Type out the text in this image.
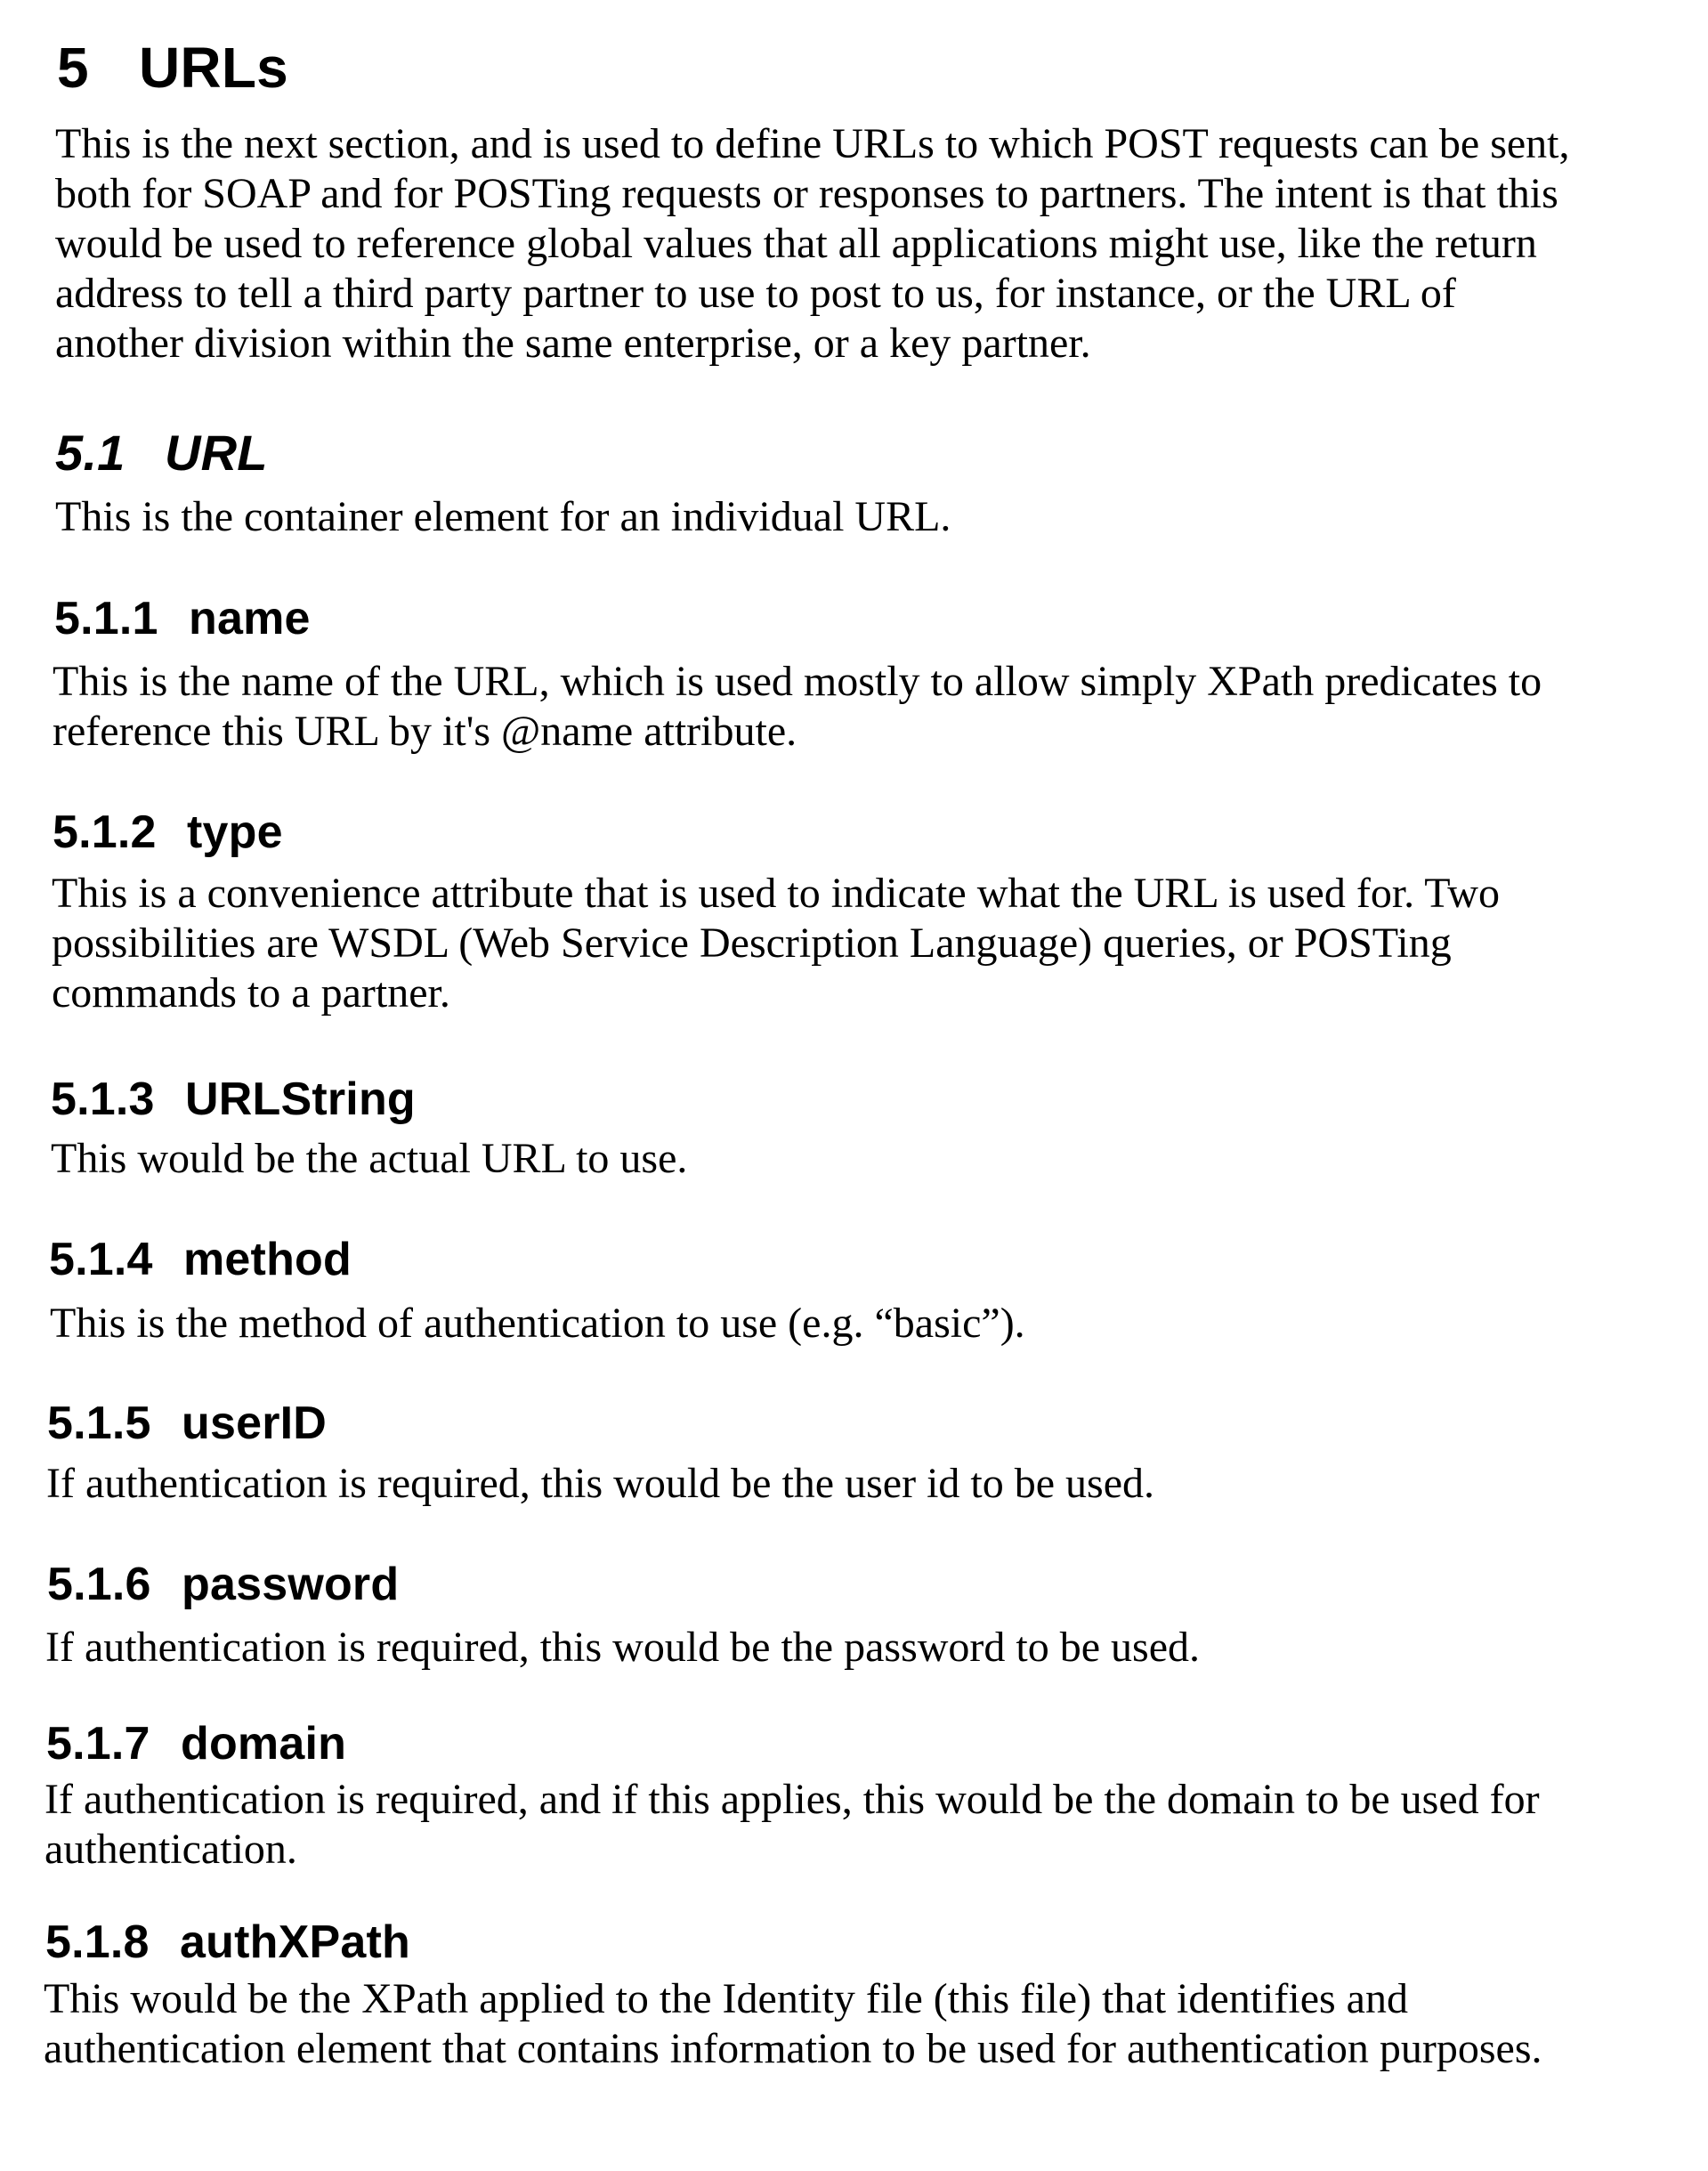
5 URLs
This is the next section, and is used to define URLs to which POST requests can be sent,
both for SOAP and for POSTing requests or responses to partners. The intent is that this
would be used to reference global values that all applications might use, like the return
address to tell a third party partner to use to post to us, for instance, or the URL of
another division within the same enterprise, or a key partner.
5.1 URL
This is the container element for an individual URL.
5.1.1 name
This is the name of the URL, which is used mostly to allow simply XPath predicates to
reference this URL by it's @name attribute.
5.1.2 type
This is a convenience attribute that is used to indicate what the URL is used for. Two
possibilities are WSDL (Web Service Description Language) queries, or POSTing
commands to a partner.
5.1.3 URLString
This would be the actual URL to use.
5.1.4 method
This is the method of authentication to use (e.g. “basic”).
5.1.5 userID
If authentication is required, this would be the user id to be used.
5.1.6 password
If authentication is required, this would be the password to be used.
5.1.7 domain
If authentication is required, and if this applies, this would be the domain to be used for
authentication.
5.1.8 authXPath
This would be the XPath applied to the Identity file (this file) that identifies and
authentication element that contains information to be used for authentication purposes.
